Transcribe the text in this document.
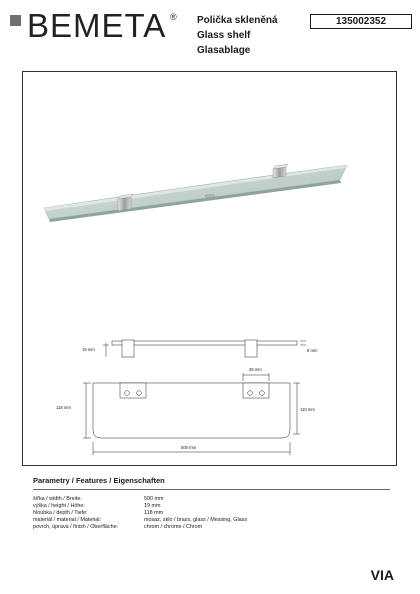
BEMETA ® Polička skleněná
Glass shelf
Glasablage
135002352
19 mm	8 mm
35 mm
118 mm	110 mm
500 mm
Parametry / Features / Eigenschaften
šířka / width / Breite:	500 mm
výška / height / Höhe:	19 mm
hloubka / depth / Tiefe:	118 mm
materiál / material / Material:	mosaz, sklo / brass, glass / Messing, Glass
povrch, úprava / finish / Oberfläche:	chrom / chrome / Chrom
VIA
